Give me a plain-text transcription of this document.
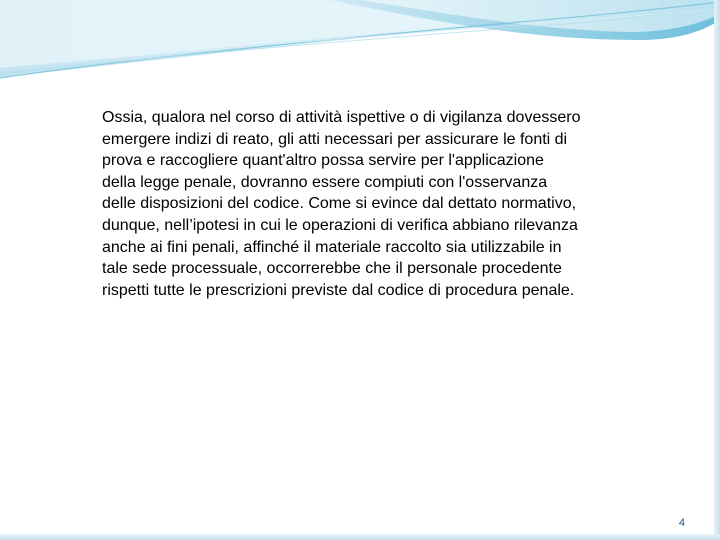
Ossia, qualora nel corso di attività ispettive o di vigilanza dovessero emergere indizi di reato, gli atti necessari per assicurare le fonti di prova e raccogliere quant'altro possa servire per l'applicazione della legge penale, dovranno essere compiuti con l'osservanza delle disposizioni del codice. Come si evince dal dettato normativo, dunque, nell’ipotesi in cui le operazioni di verifica abbiano rilevanza anche ai fini penali, affinché il materiale raccolto sia utilizzabile in tale sede processuale, occorrerebbe che il personale procedente rispetti tutte le prescrizioni previste dal codice di procedura penale.

4
